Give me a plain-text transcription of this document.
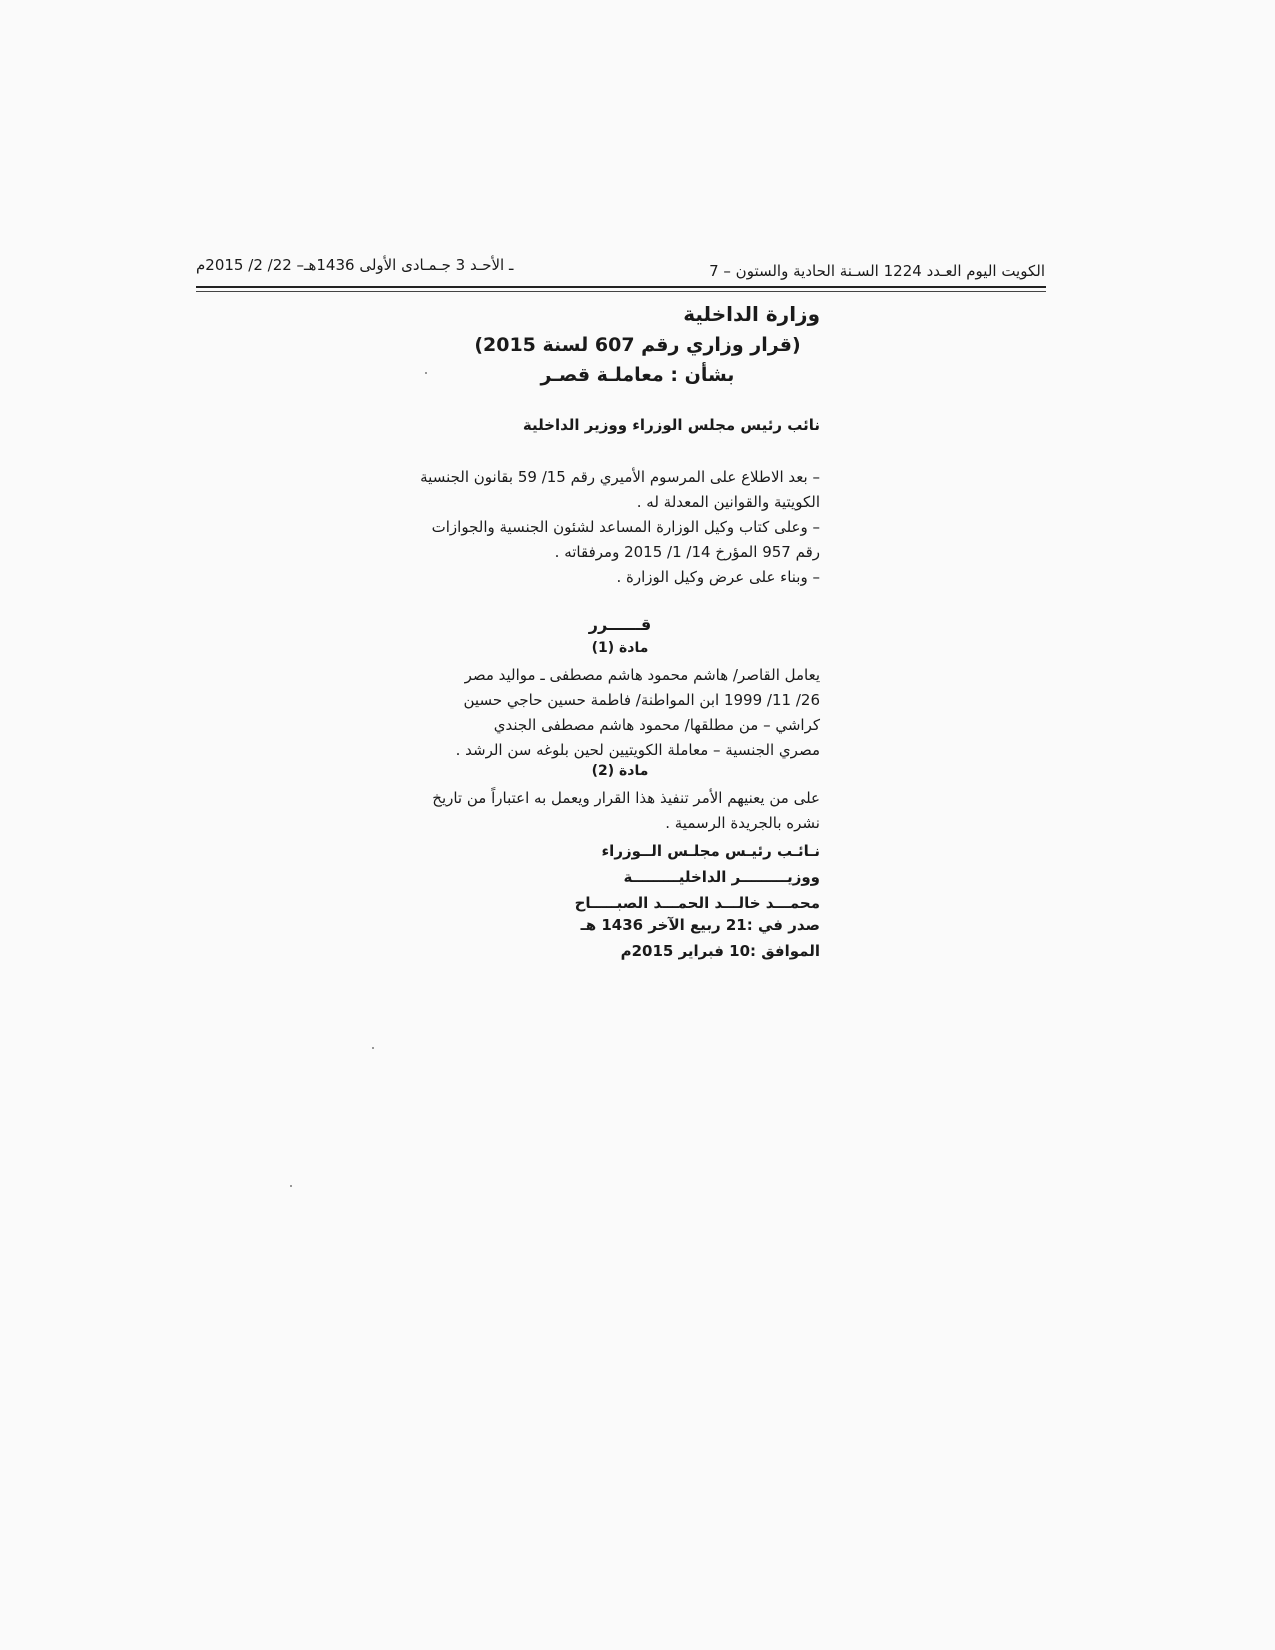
ـ الأحـد 3 جـمـادى الأولى 1436هـ– 22/ 2/ 2015م	الكويت اليوم العـدد 1224 السـنة الحادية والستون – 7
وزارة الداخلية
(قرار وزاري رقم 607 لسنة 2015)
بشأن : معاملـة قصـر
نائب رئيس مجلس الوزراء ووزير الداخلية
– بعد الاطلاع على المرسوم الأميري رقم 15/ 59 بقانون الجنسية
الكويتية والقوانين المعدلة له .
– وعلى كتاب وكيل الوزارة المساعد لشئون الجنسية والجوازات
رقم 957 المؤرخ 14/ 1/ 2015 ومرفقاته .
– وبناء على عرض وكيل الوزارة .
قــــــرر
مادة (1)
يعامل القاصر/ هاشم محمود هاشم مصطفى ـ مواليد مصر
26/ 11/ 1999 ابن المواطنة/ فاطمة حسين حاجي حسين
كراشي – من مطلقها/ محمود هاشم مصطفى الجندي
مصري الجنسية – معاملة الكويتيين لحين بلوغه سن الرشد .
مادة (2)
على من يعنيهم الأمر تنفيذ هذا القرار ويعمل به اعتباراً من تاريخ
نشره بالجريدة الرسمية .
نـائـب رئيـس مجلـس الــوزراء
ووزيـــــــــر الداخليـــــــــة
محمـــد خالـــد الحمـــد الصبـــــاح
صدر في :21 ربيع الآخر 1436 هـ
الموافق :10 فبراير 2015م
